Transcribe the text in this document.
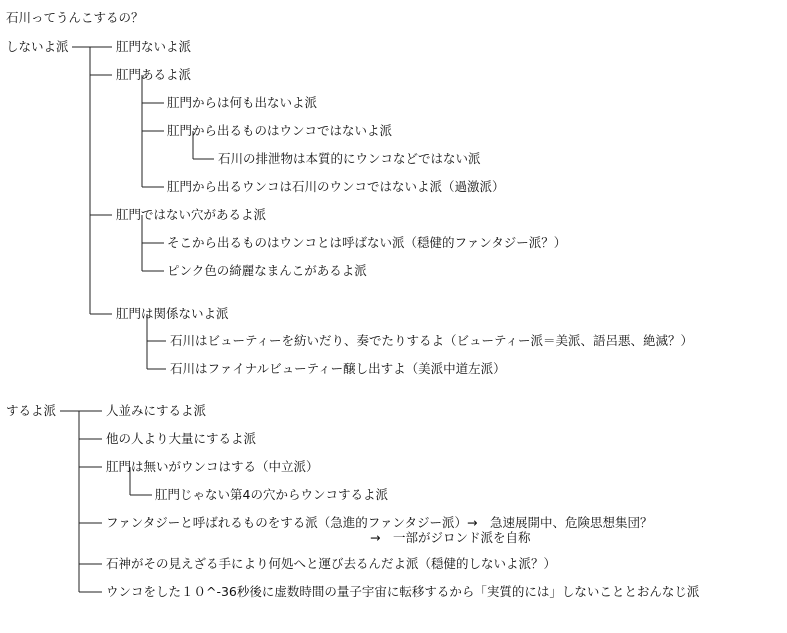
石川ってうんこするの？
しないよ派	肛門ないよ派
肛門あるよ派
肛門からは何も出ないよ派
肛門から出るものはウンコではないよ派
石川の排泄物は本質的にウンコなどではない派
肛門から出るウンコは石川のウンコではないよ派（過激派）
肛門ではない穴があるよ派
そこから出るものはウンコとは呼ばない派（穏健的ファンタジー派？）
ピンク色の綺麗なまんこがあるよ派
肛門は関係ないよ派
石川はビューティーを紡いだり、奏でたりするよ（ビューティー派＝美派、語呂悪、絶滅？）
石川はファイナルビューティー醸し出すよ（美派中道左派）
するよ派	人並みにするよ派
他の人より大量にするよ派
肛門は無いがウンコはする（中立派）
肛門じゃない第4の穴からウンコするよ派
ファンタジーと呼ばれるものをする派（急進的ファンタジー派）→　急速展開中、危険思想集団？
→　一部がジロンド派を自称
石神がその見えざる手により何処へと運び去るんだよ派（穏健的しないよ派？）
ウンコをした１０^-36秒後に虚数時間の量子宇宙に転移するから「実質的には」しないこととおんなじ派
